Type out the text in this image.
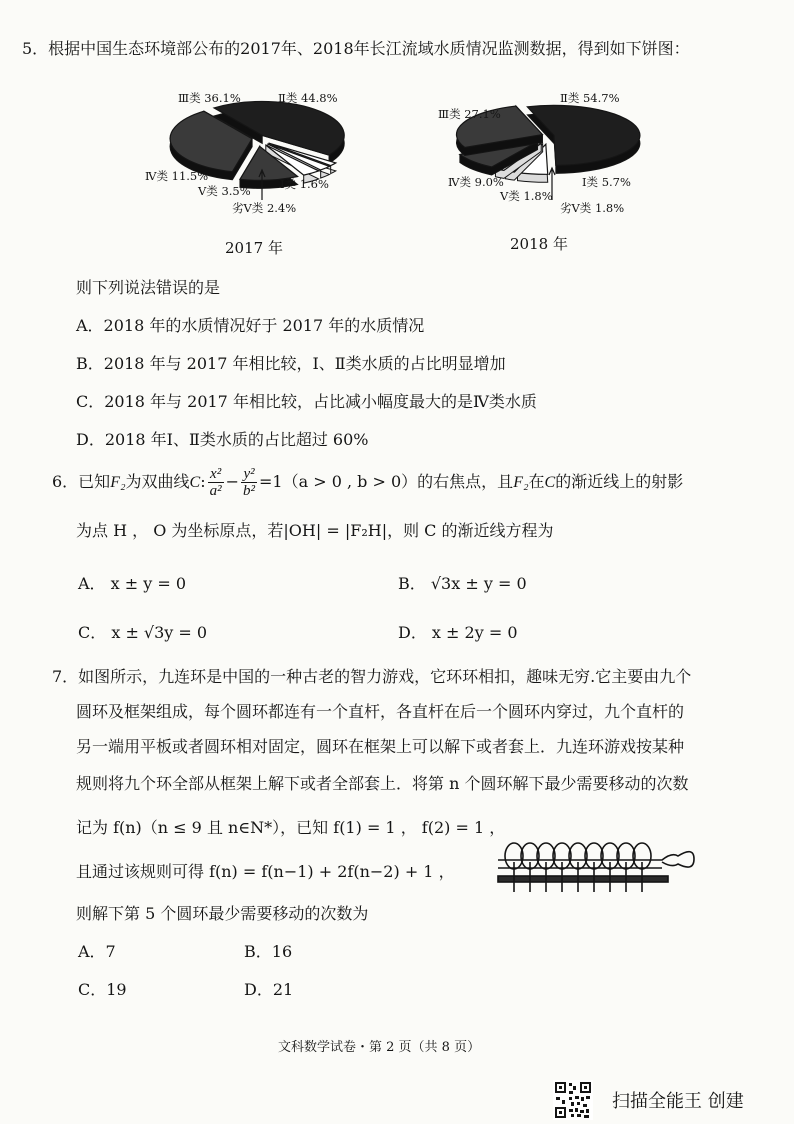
5．根据中国生态环境部公布的2017年、2018年长江流域水质情况监测数据，得到如下饼图：
Ⅰ类 1.6%
Ⅱ类 44.8%
Ⅲ类 36.1%
Ⅳ类 11.5%
Ⅴ类 3.5%
劣Ⅴ类 2.4%
Ⅰ类 5.7%
Ⅱ类 54.7%
Ⅲ类 27.1%
Ⅳ类 9.0%
Ⅴ类 1.8%
劣Ⅴ类 1.8%
2017 年	2018 年
则下列说法错误的是
A．2018 年的水质情况好于 2017 年的水质情况
B．2018 年与 2017 年相比较，Ⅰ、Ⅱ类水质的占比明显增加
C．2018 年与 2017 年相比较，占比减小幅度最大的是Ⅳ类水质
D．2018 年Ⅰ、Ⅱ类水质的占比超过 60%
6．已知F₂为双曲线C: $\frac{\text{x²}}{\text{a²}} - \frac{\text{y²}}{\text{b²}} =1(a > 0$ , b > 0）的右焦点，且F₂在C的渐近线上的射影
为点 H ， O 为坐标原点，若|OH| = |F₂H|，则 C 的渐近线方程为
A． x ± y = 0	B． √3x ± y = 0
C． x ± √3y = 0	D． x ± 2y = 0
7．如图所示，九连环是中国的一种古老的智力游戏，它环环相扣，趣味无穷.它主要由九个
圆环及框架组成，每个圆环都连有一个直杆，各直杆在后一个圆环内穿过，九个直杆的
另一端用平板或者圆环相对固定，圆环在框架上可以解下或者套上．九连环游戏按某种
规则将九个环全部从框架上解下或者全部套上．将第 n 个圆环解下最少需要移动的次数
记为 f(n)（n ≤ 9 且 n∈N*），已知 f(1) = 1 ， f(2) = 1 ，
且通过该规则可得 f(n) = f(n−1) + 2f(n−2) + 1 ，
则解下第 5 个圆环最少需要移动的次数为
A．7	B．16
C．19	D．21
文科数学试卷・第 2 页（共 8 页）
扫描全能王 创建
